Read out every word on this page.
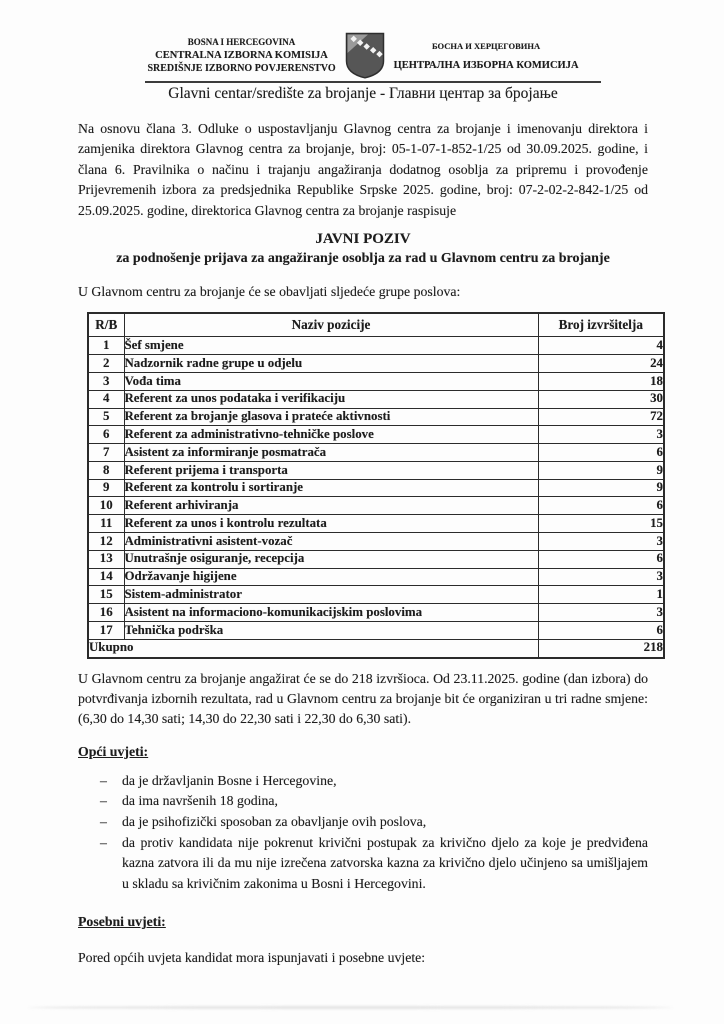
BOSNA I HERCEGOVINA
CENTRALNA IZBORNA KOMISIJA
SREDIŠNJE IZBORNO POVJERENSTVO
БОСНА И ХЕРЦЕГОВИНА
ЦЕНТРАЛНА ИЗБОРНА КОМИСИЈА
Glavni centar/središte za brojanje - Главни центар за бројање

Na osnovu člana 3. Odluke o uspostavljanju Glavnog centra za brojanje i imenovanju direktora i zamjenika direktora Glavnog centra za brojanje, broj: 05-1-07-1-852-1/25 od 30.09.2025. godine, i člana 6. Pravilnika o načinu i trajanju angažiranja dodatnog osoblja za pripremu i provođenje Prijevremenih izbora za predsjednika Republike Srpske 2025. godine, broj: 07-2-02-2-842-1/25 od 25.09.2025. godine, direktorica Glavnog centra za brojanje raspisuje

JAVNI POZIV
za podnošenje prijava za angažiranje osoblja za rad u Glavnom centru za brojanje

U Glavnom centru za brojanje će se obavljati sljedeće grupe poslova:

R/B	Naziv pozicije	Broj izvršitelja
1	Šef smjene	4
2	Nadzornik radne grupe u odjelu	24
3	Vođa tima	18
4	Referent za unos podataka i verifikaciju	30
5	Referent za brojanje glasova i prateće aktivnosti	72
6	Referent za administrativno-tehničke poslove	3
7	Asistent za informiranje posmatrača	6
8	Referent prijema i transporta	9
9	Referent za kontrolu i sortiranje	9
10	Referent arhiviranja	6
11	Referent za unos i kontrolu rezultata	15
12	Administrativni asistent-vozač	3
13	Unutrašnje osiguranje, recepcija	6
14	Održavanje higijene	3
15	Sistem-administrator	1
16	Asistent na informaciono-komunikacijskim poslovima	3
17	Tehnička podrška	6
Ukupno		218

U Glavnom centru za brojanje angažirat će se do 218 izvršioca. Od 23.11.2025. godine (dan izbora) do potvrđivanja izbornih rezultata, rad u Glavnom centru za brojanje bit će organiziran u tri radne smjene: (6,30 do 14,30 sati; 14,30 do 22,30 sati i 22,30 do 6,30 sati).

Opći uvjeti:
–	da je državljanin Bosne i Hercegovine,
–	da ima navršenih 18 godina,
–	da je psihofizički sposoban za obavljanje ovih poslova,
–	da protiv kandidata nije pokrenut krivični postupak za krivično djelo za koje je predviđena kazna zatvora ili da mu nije izrečena zatvorska kazna za krivično djelo učinjeno sa umišljajem u skladu sa krivičnim zakonima u Bosni i Hercegovini.
Posebni uvjeti:

Pored općih uvjeta kandidat mora ispunjavati i posebne uvjete:
